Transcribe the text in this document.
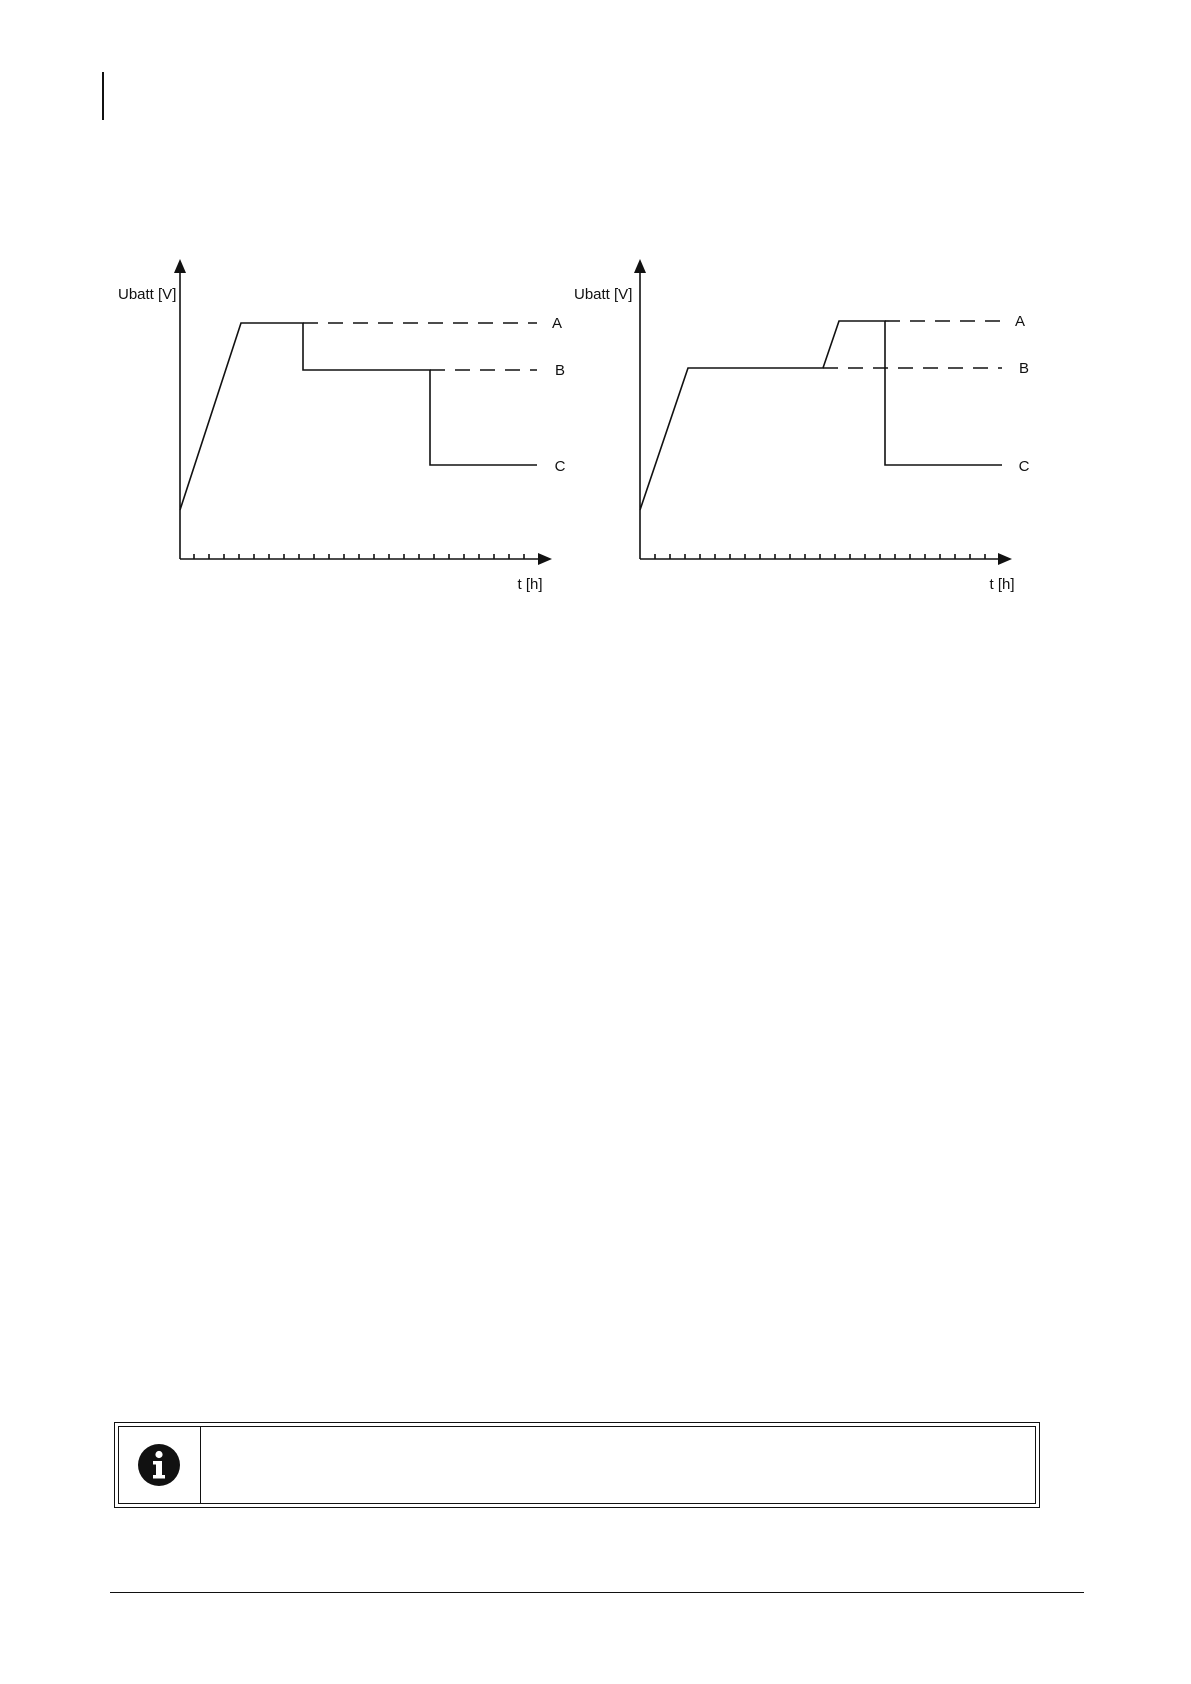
Ubatt [V]
t [h]
A
B
C
Ubatt [V]
t [h]
A
B
C
